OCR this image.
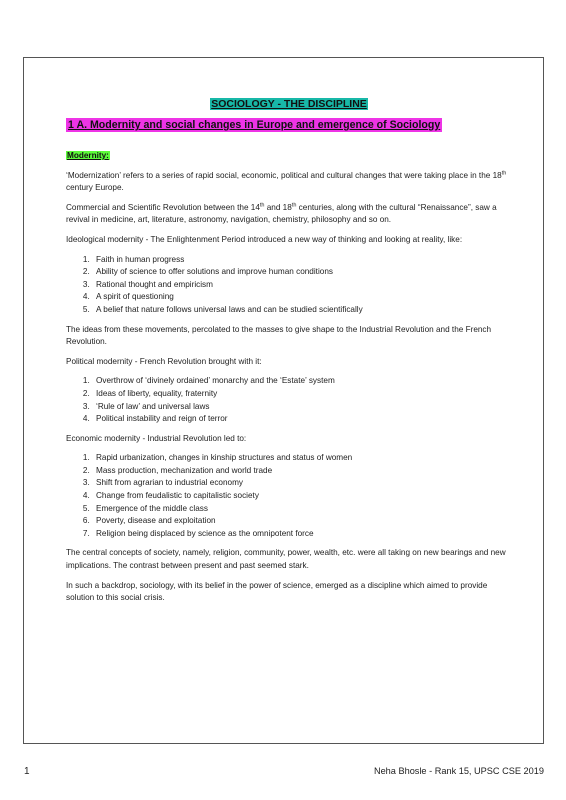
SOCIOLOGY - THE DISCIPLINE
1 A. Modernity and social changes in Europe and emergence of Sociology
Modernity:

‘Modernization’ refers to a series of rapid social, economic, political and cultural changes that were taking place in the 18th century Europe.

Commercial and Scientific Revolution between the 14th and 18th centuries, along with the cultural “Renaissance”, saw a revival in medicine, art, literature, astronomy, navigation, chemistry, philosophy and so on.

Ideological modernity - The Enlightenment Period introduced a new way of thinking and looking at reality, like:

1. Faith in human progress
2. Ability of science to offer solutions and improve human conditions
3. Rational thought and empiricism
4. A spirit of questioning
5. A belief that nature follows universal laws and can be studied scientifically

The ideas from these movements, percolated to the masses to give shape to the Industrial Revolution and the French Revolution.

Political modernity - French Revolution brought with it:

1. Overthrow of ‘divinely ordained’ monarchy and the ‘Estate’ system
2. Ideas of liberty, equality, fraternity
3. ‘Rule of law’ and universal laws
4. Political instability and reign of terror

Economic modernity - Industrial Revolution led to:

1. Rapid urbanization, changes in kinship structures and status of women
2. Mass production, mechanization and world trade
3. Shift from agrarian to industrial economy
4. Change from feudalistic to capitalistic society
5. Emergence of the middle class
6. Poverty, disease and exploitation
7. Religion being displaced by science as the omnipotent force

The central concepts of society, namely, religion, community, power, wealth, etc. were all taking on new bearings and new implications. The contrast between present and past seemed stark.

In such a backdrop, sociology, with its belief in the power of science, emerged as a discipline which aimed to provide solution to this social crisis.

1	Neha Bhosle - Rank 15, UPSC CSE 2019
